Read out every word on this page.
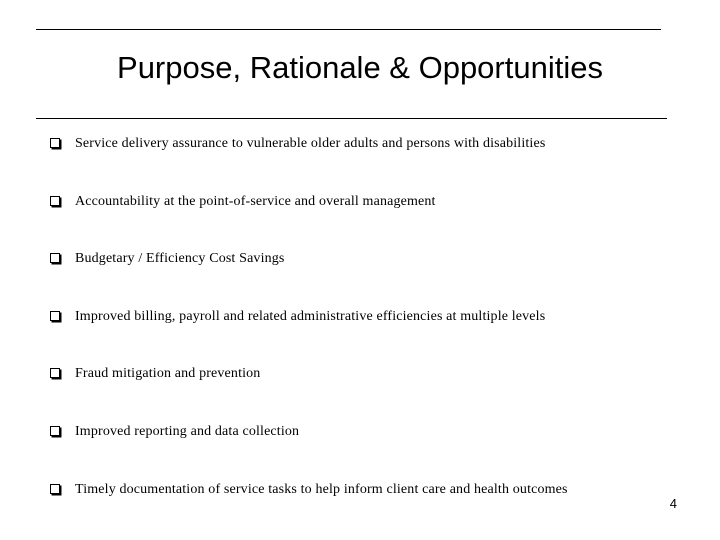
Purpose, Rationale & Opportunities
Service delivery assurance to vulnerable older adults and persons with disabilities
Accountability at the point-of-service and overall management
Budgetary / Efficiency Cost Savings
Improved billing, payroll and related administrative efficiencies at multiple levels
Fraud mitigation and prevention
Improved reporting and data collection
Timely documentation of service tasks to help inform client care and health outcomes
4
